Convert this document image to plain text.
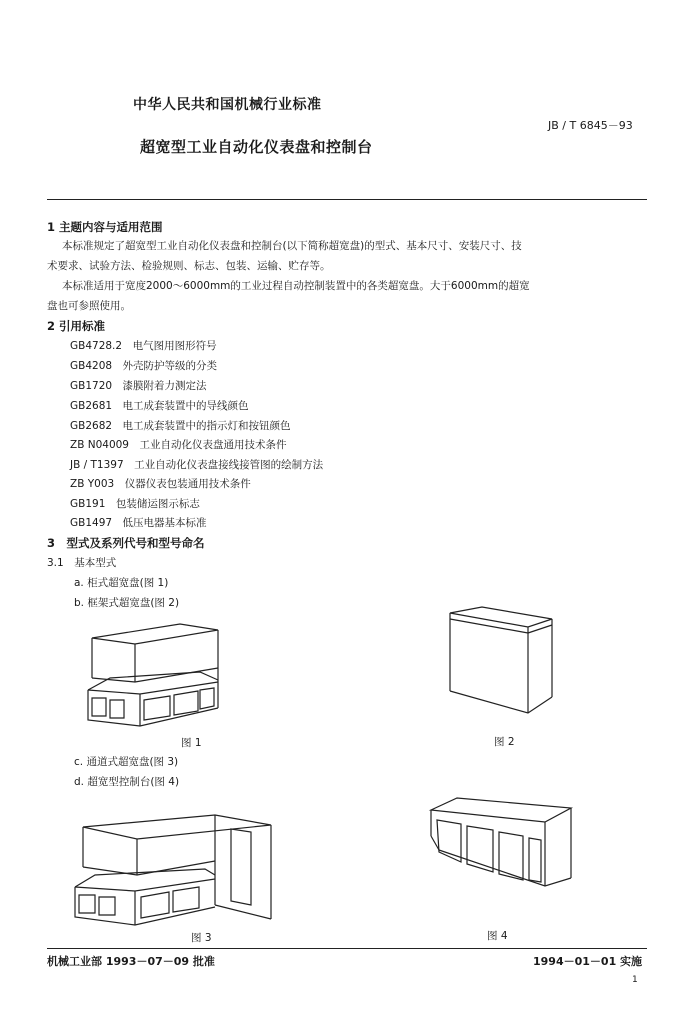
中华人民共和国机械行业标准
JB / T 6845－93
超宽型工业自动化仪表盘和控制台
1 主题内容与适用范围
本标准规定了超宽型工业自动化仪表盘和控制台(以下简称超宽盘)的型式、基本尺寸、安装尺寸、技
术要求、试验方法、检验规则、标志、包装、运输、贮存等。
本标准适用于宽度2000～6000mm的工业过程自动控制装置中的各类超宽盘。大于6000mm的超宽
盘也可参照使用。
2 引用标准
GB4728.2　电气图用图形符号
GB4208　外壳防护等级的分类
GB1720　漆膜附着力测定法
GB2681　电工成套装置中的导线颜色
GB2682　电工成套装置中的指示灯和按钮颜色
ZB N04009　工业自动化仪表盘通用技术条件
JB / T1397　工业自动化仪表盘接线接管图的绘制方法
ZB Y003　仪器仪表包装通用技术条件
GB191　包装储运图示标志
GB1497　低压电器基本标准
3　型式及系列代号和型号命名
3.1　基本型式
a. 柜式超宽盘(图 1)
b. 框架式超宽盘(图 2)
图 1	图 2
c. 通道式超宽盘(图 3)
d. 超宽型控制台(图 4)
图 3	图 4
机械工业部 1993－07－09 批准	1994－01－01 实施
1
